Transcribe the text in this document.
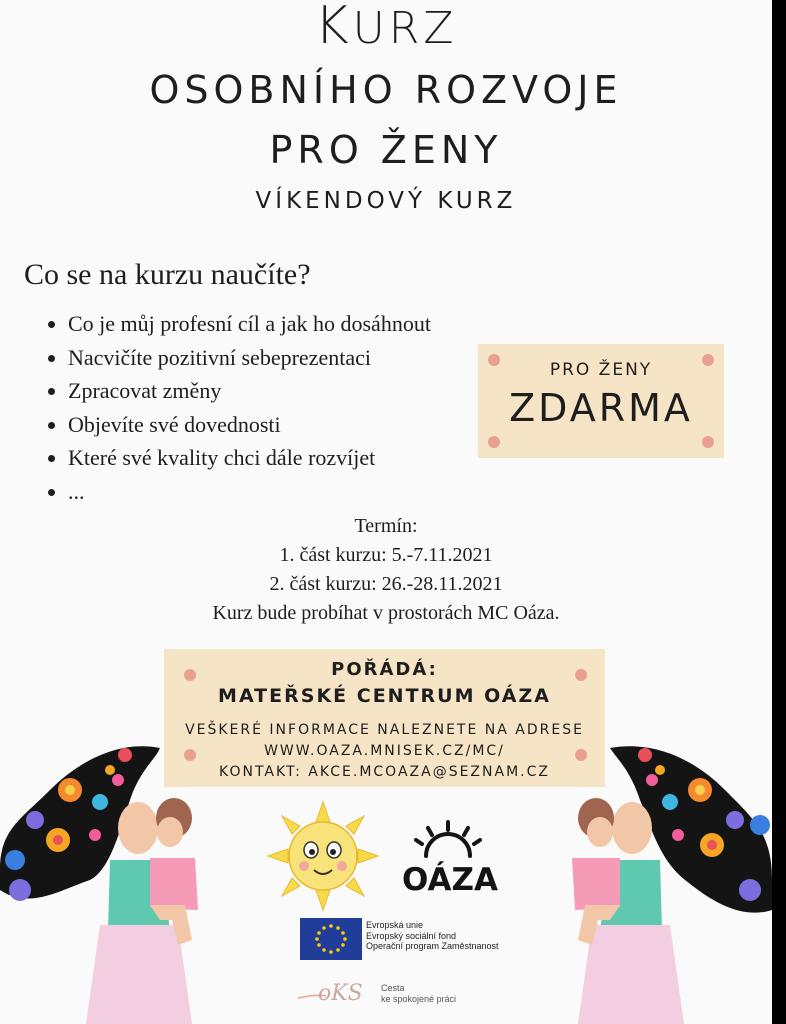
KURZ
OSOBNÍHO ROZVOJE
PRO ŽENY
VÍKENDOVÝ KURZ
Co se na kurzu naučíte?
• Co je můj profesní cíl a jak ho dosáhnout
• Nacvičíte pozitivní sebeprezentaci
• Zpracovat změny
• Objevíte své dovednosti
• Které své kvality chci dále rozvíjet
• ...
PRO ŽENY
ZDARMA
Termín:
1. část kurzu: 5.-7.11.2021
2. část kurzu: 26.-28.11.2021
Kurz bude probíhat v prostorách MC Oáza.
POŘÁDÁ:
MATEŘSKÉ CENTRUM OÁZA
VEŠKERÉ INFORMACE NALEZNETE NA ADRESE
WWW.OAZA.MNISEK.CZ/MC/
KONTAKT: AKCE.MCOAZA@SEZNAM.CZ
OÁZA
Evropská unie
Evropský sociální fond
Operační program Zaměstnanost
oKS Cesta
ke spokojené práci
